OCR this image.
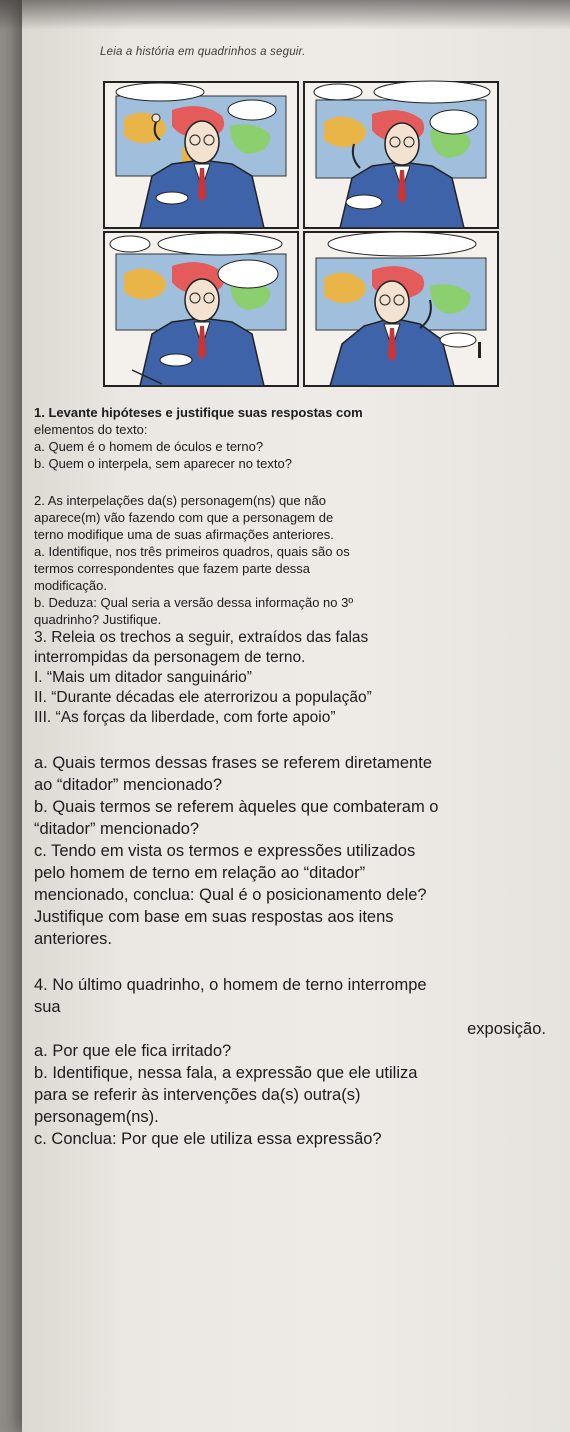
Leia a história em quadrinhos a seguir.
1. Levante hipóteses e justifique suas respostas com
elementos do texto:
a. Quem é o homem de óculos e terno?
b. Quem o interpela, sem aparecer no texto?
2. As interpelações da(s) personagem(ns) que não
aparece(m) vão fazendo com que a personagem de
terno modifique uma de suas afirmações anteriores.
a. Identifique, nos três primeiros quadros, quais são os
termos correspondentes que fazem parte dessa
modificação.
b. Deduza: Qual seria a versão dessa informação no 3º
quadrinho? Justifique.
3. Releia os trechos a seguir, extraídos das falas
interrompidas da personagem de terno.
I. “Mais um ditador sanguinário”
II. “Durante décadas ele aterrorizou a população”
III. “As forças da liberdade, com forte apoio”
a. Quais termos dessas frases se referem diretamente
ao “ditador” mencionado?
b. Quais termos se referem àqueles que combateram o
“ditador” mencionado?
c. Tendo em vista os termos e expressões utilizados
pelo homem de terno em relação ao “ditador”
mencionado, conclua: Qual é o posicionamento dele?
Justifique com base em suas respostas aos itens
anteriores.
4. No último quadrinho, o homem de terno interrompe
sua
exposição.
a. Por que ele fica irritado?
b. Identifique, nessa fala, a expressão que ele utiliza
para se referir às intervenções da(s) outra(s)
personagem(ns).
c. Conclua: Por que ele utiliza essa expressão?
